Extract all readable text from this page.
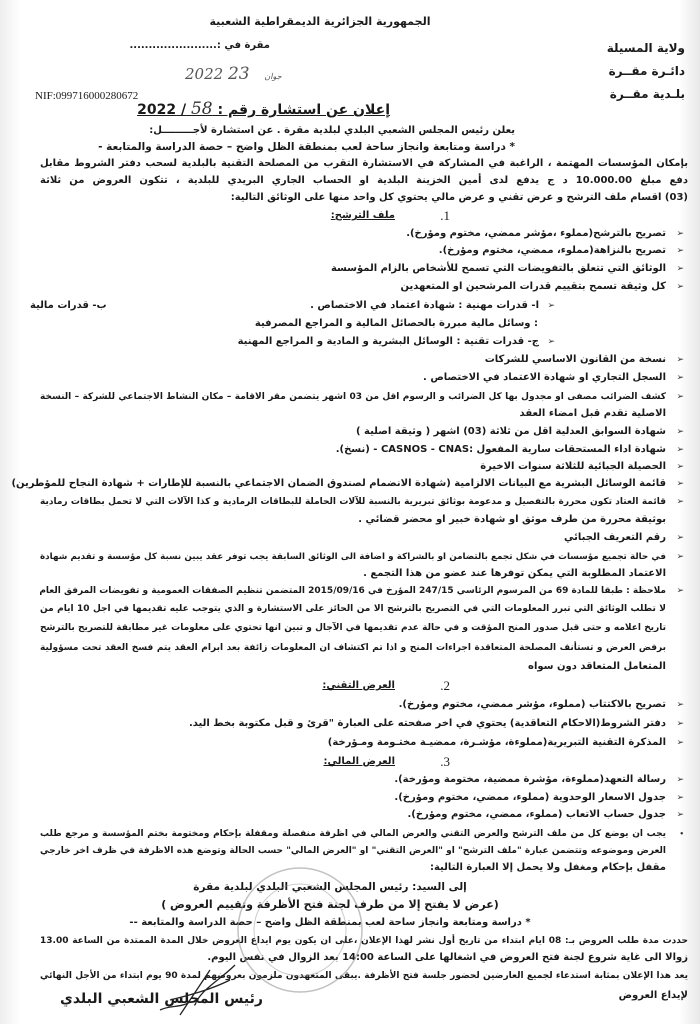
الجمهورية الجزائرية الديمقراطية الشعبية
مقرة في :.......................	ولاية المسيلة
دائـرة مقــرة
بلـدية مقــرة
NIF:099716000280672
2022	جوان 23
إعلان عن استشارة رقم : 58 / 2022
يعلن رئيس المجلس الشعبي البلدي لبلدية مقرة . عن استشارة لأجـــــــــل:
* دراسة ومتابعة وانجاز ساحة لعب بمنطقة الظل واضح – حصة الدراسة والمتابعة -
بإمكان المؤسسات المهتمة ، الراغبة في المشاركة في الاستشارة التقرب من المصلحة التقنية بالبلدية لسحب دفتر الشروط مقابل
دفع مبلغ 10.000.00 د ج يدفع لدى أمين الخزينة البلدية او الحساب الجاري البريدي للبلدية ، تتكون العروض من ثلاثة
(03) اقسام ملف الترشح و عرض تقني و عرض مالي يحتوي كل واحد منها على الوثائق التالية:
1.
ملف الترشح:
➢
تصريح بالترشح(مملوء ،مؤشر ممضي، مختوم ومؤرخ).
➢
تصريح بالنزاهة(مملوء، ممضي، مختوم ومؤرخ).
➢
الوثائق التي تتعلق بالتفويضات التي تسمح للأشخاص بالزام المؤسسة
➢
كل وثيقة تسمح بتقييم قدرات المرشحين او المتعهدين
➢
ا- قدرات مهنية : شهادة اعتماد في الاختصاص .
ب- قدرات مالية
: وسائل مالية مبررة بالحصائل المالية و المراجع المصرفية
➢
ج- قدرات تقنية : الوسائل البشرية و المادية و المراجع المهنية
➢
نسخة من القانون الاساسي للشركات
➢
السجل التجاري او شهادة الاعتماد في الاختصاص .
➢
كشف الضرائب مصفى او مجدول بها كل الضرائب و الرسوم اقل من 03 اشهر يتضمن مقر الاقامة – مكان النشاط الاجتماعي للشركة – النسخة
الاصلية تقدم قبل امضاء العقد
➢
شهادة السوابق العدلية اقل من ثلاثة (03) اشهر ( وثيقة اصلية )
➢
شهادة اداء المستحقات سارية المفعول :CASNOS - CNAS - (نسخ).
➢
الحصيلة الجبائية للثلاثة سنوات الاخيرة
➢
قائمة الوسائل البشرية مع البيانات الالزامية (شهادة الانضمام لصندوق الضمان الاجتماعي بالنسبة للإطارات + شهادة النجاح للمؤطرين)
➢
قائمة العتاد تكون محررة بالتفصيل و مدعومة بوثائق تبريرية بالنسبة للآلات الحاملة للبطاقات الرمادية و كذا الآلات التي لا تحمل بطاقات رمادية
بوثيقة محررة من طرف موثق او شهادة خبير او محضر قضائي .
➢
رقم التعريف الجبائي
➢
في حالة تجميع مؤسسات في شكل تجمع بالتضامن او بالشراكة و اضافة الى الوثائق السابقة يجب توفر عقد يبين نسبة كل مؤسسة و تقديم شهادة
الاعتماد المطلوبة التي يمكن توفرها عند عضو من هذا التجمع .
➢
ملاحظة : طبقا للمادة 69 من المرسوم الرئاسي 247/15 المؤرخ في 2015/09/16 المتضمن تنظيم الصفقات العمومية و تفويضات المرفق العام
لا تطلب الوثائق التي تبرر المعلومات التي في التصريح بالترشح الا من الحائز على الاستشارة و الذي يتوجب عليه تقديمها في اجل 10 ايام من
تاريخ اعلامه و حتى قبل صدور المنح المؤقت و في حالة عدم تقديمها في الآجال و تبين انها تحتوي على معلومات غير مطابقة للتصريح بالترشح
برفض العرض و تستأنف المصلحة المتعاقدة اجراءات المنح و اذا تم اكتشاف ان المعلومات زائفة بعد ابرام العقد يتم فسخ العقد تحت مسؤولية
المتعامل المتعاقد دون سواه
2.
العرض التقني:
➢
تصريح بالاكتتاب (مملوء، مؤشر ممضي، مختوم ومؤرخ).
➢
دفتر الشروط(الاحكام التعاقدية) يحتوي في اخر صفحته على العبارة "قرئ و قبل مكتوبة بخط اليد.
➢
المذكرة التقنية التبريرية(مملوءة، مؤشـرة، ممضيـة مختـومة ومـؤرخة)
3.
العرض المالي:
➢
رسالة التعهد(مملوءة، مؤشرة ممضية، مختومة ومؤرخة).
➢
جدول الاسعار الوحدوية (مملوء، ممضي، مختوم ومؤرخ).
➢
جدول حساب الاتعاب (مملوء، ممضي، مختوم ومؤرخ).
•
يجب ان يوضع كل من ملف الترشح والعرض التقني والعرض المالي في اظرفة منفصلة ومقفلة بإحكام ومختومة بختم المؤسسة و مرجع طلب
العرض وموضوعه وتتضمن عبارة "ملف الترشح" او "العرض التقني" او "العرض المالي" حسب الحالة وتوضع هذه الاظرفة في ظرف اخر خارجي
مقفل بإحكام ومغفل ولا يحمل إلا العبارة التالية:
إلى السيد: رئيس المجلس الشعبي البلدي لبلدية مقرة
(عرض لا يفتح إلا من طرف لجنة فتح الأظرفة وتقييم العروض )
* دراسة ومتابعة وانجاز ساحة لعب بمنطقة الظل واضح – حصة الدراسة والمتابعة --
حددت مدة طلب العروض بـ: 08 ايام ابتداء من تاريخ أول نشر لهذا الإعلان ،على ان يكون يوم ايداع العروض خلال المدة الممتدة من الساعة 13.00
زوالا الى غاية شروع لجنة فتح العروض في اشغالها على الساعة 14:00 بعد الزوال في نفس اليوم.
يعد هذا الإعلان بمثابة استدعاء لجميع العارضين لحضور جلسة فتح الأظرفة .يبقى المتعهدون ملزمون بعروضهم لمدة 90 يوم ابتداء من الأجل النهائي
لإيداع العروض
رئيس المجلس الشعبي البلدي
